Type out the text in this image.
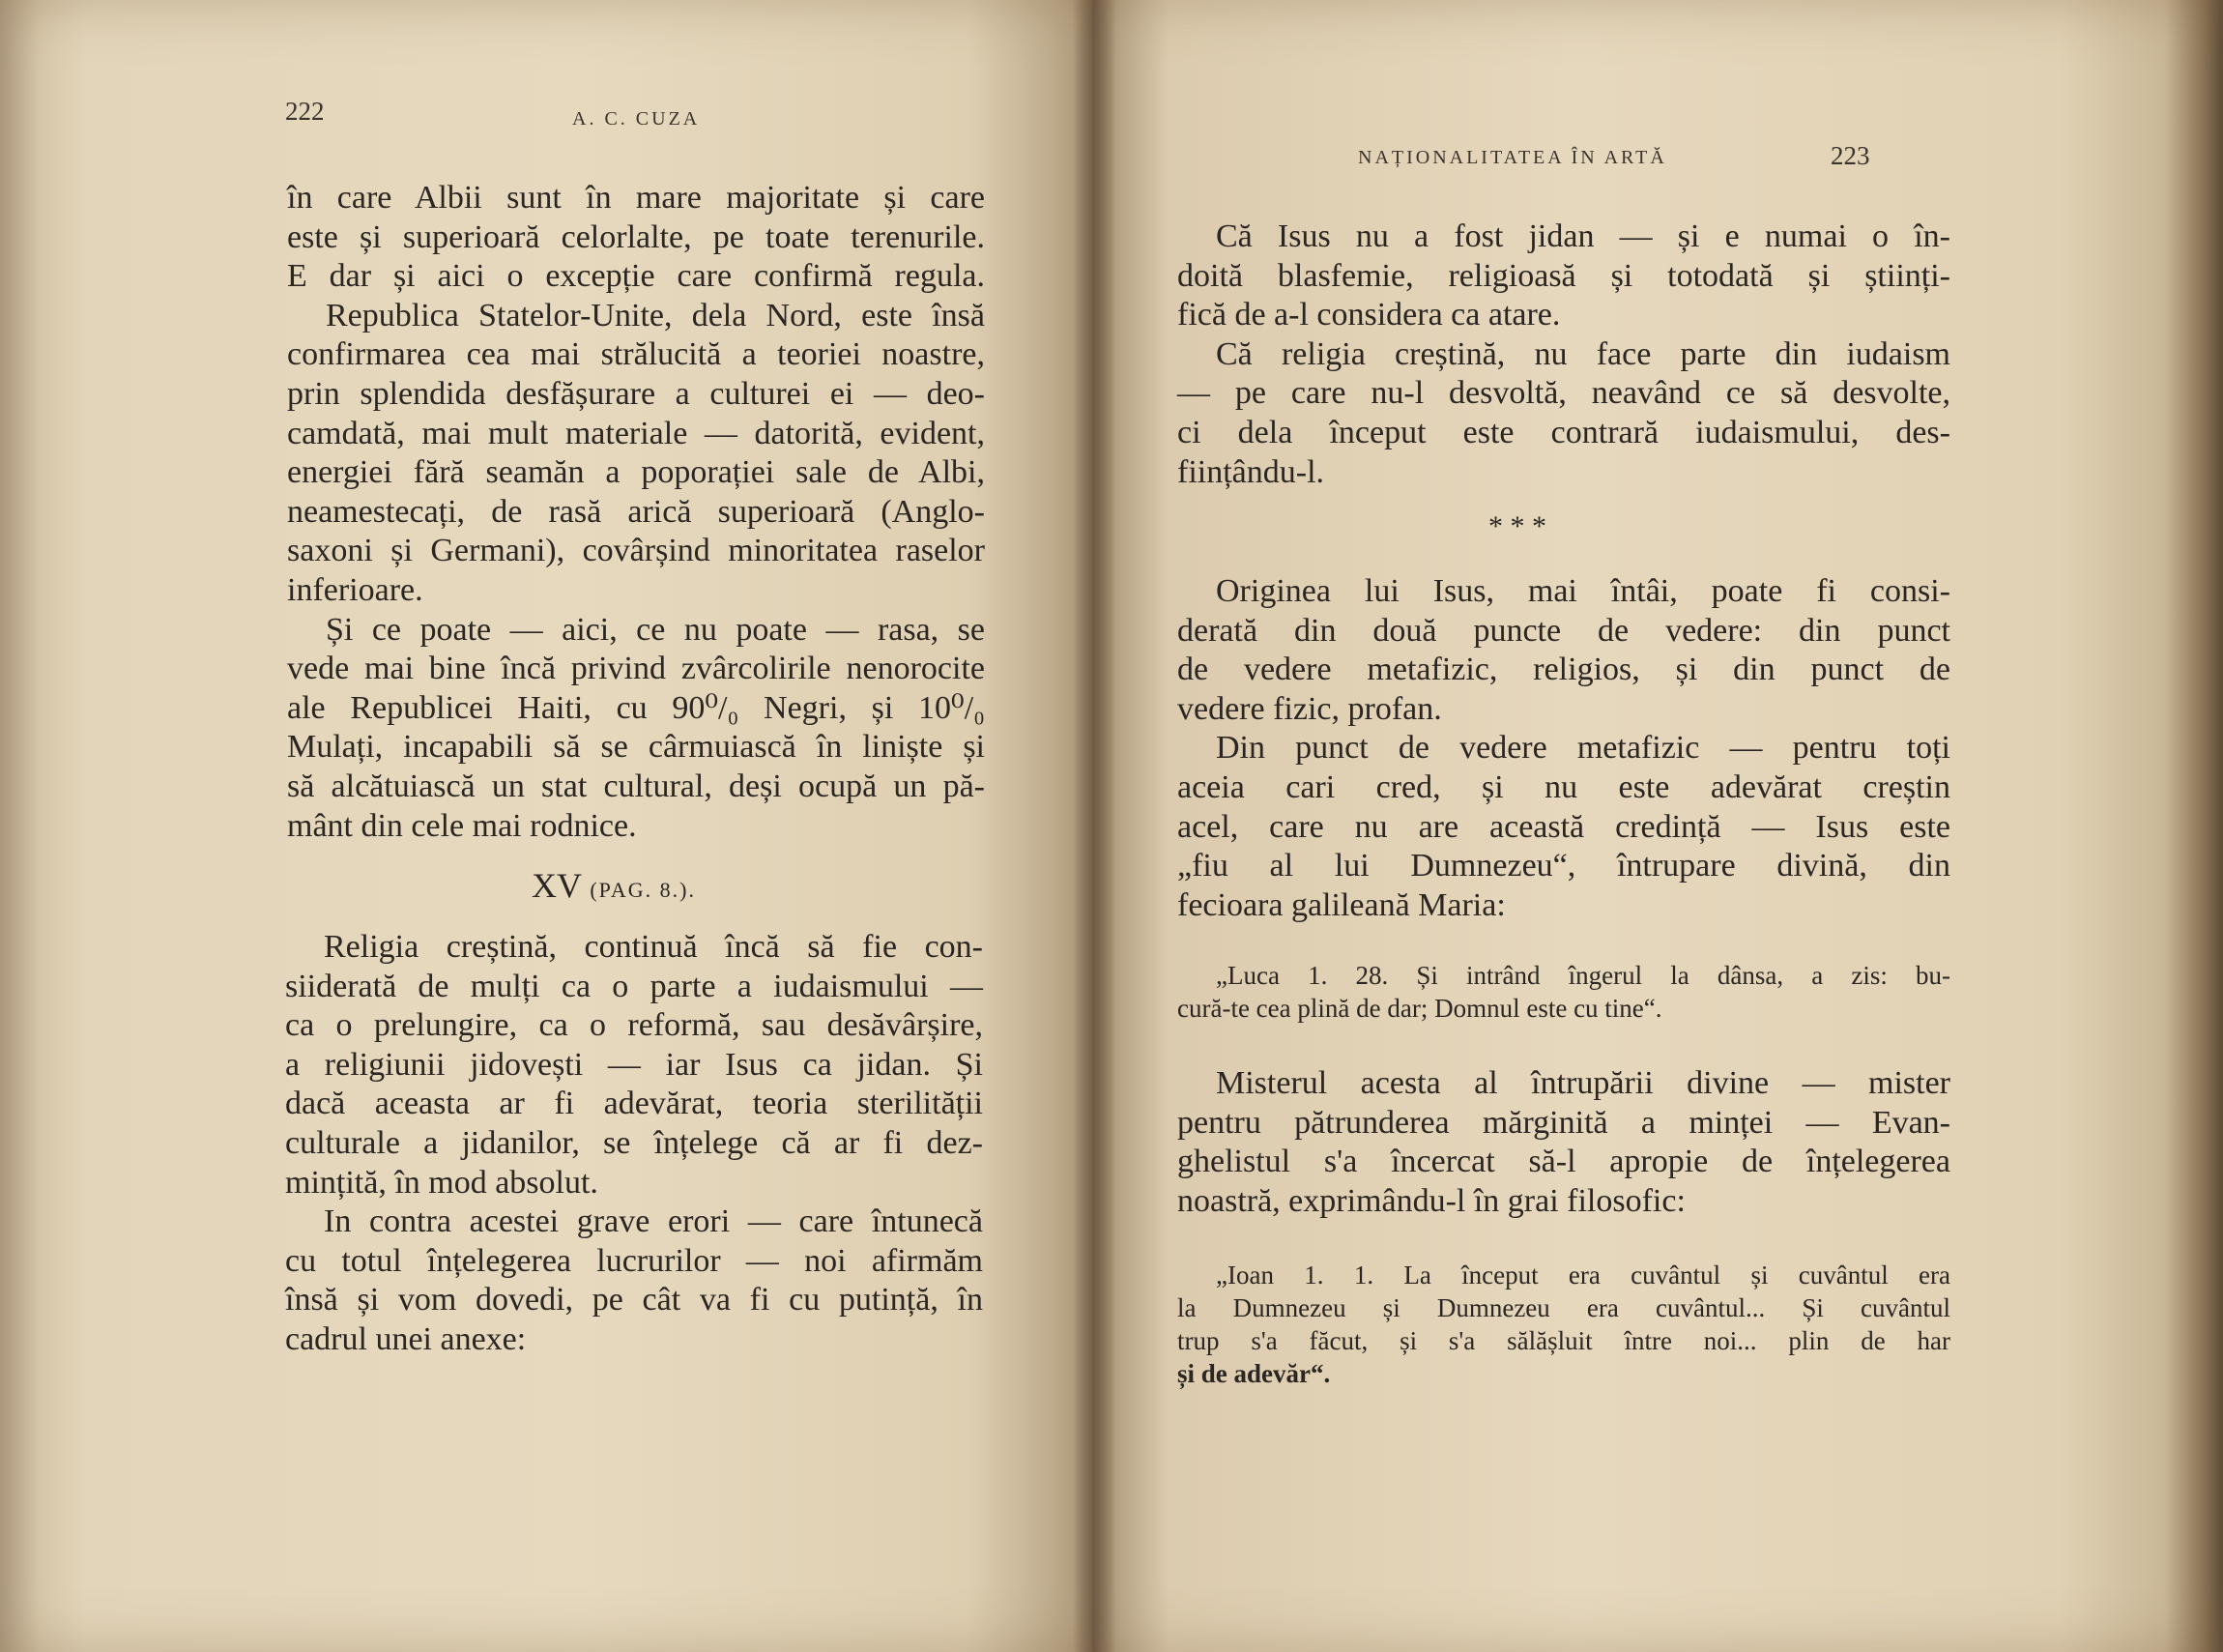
222	A. C. CUZA
în care Albii sunt în mare majoritate și care
este și superioară celorlalte, pe toate terenurile.
E dar și aici o excepție care confirmă regula.
Republica Statelor-Unite, dela Nord, este însă
confirmarea cea mai strălucită a teoriei noastre,
prin splendida desfășurare a culturei ei — deo-
camdată, mai mult materiale — datorită, evident,
energiei fără seamăn a poporației sale de Albi,
neamestecați, de rasă arică superioară (Anglo-
saxoni și Germani), covârșind minoritatea raselor
inferioare.
Și ce poate — aici, ce nu poate — rasa, se
vede mai bine încă privind zvârcolirile nenorocite
ale Republicei Haiti, cu 90⁰/₀ Negri, și 10⁰/₀
Mulați, incapabili să se cârmuiască în liniște și
să alcătuiască un stat cultural, deși ocupă un pă-
mânt din cele mai rodnice.
XV (PAG. 8.).
Religia creștină, continuă încă să fie con-
siiderată de mulți ca o parte a iudaismului —
ca o prelungire, ca o reformă, sau desăvârșire,
a religiunii jidovești — iar Isus ca jidan. Și
dacă aceasta ar fi adevărat, teoria sterilității
culturale a jidanilor, se înțelege că ar fi dez-
mințită, în mod absolut.
In contra acestei grave erori — care întunecă
cu totul înțelegerea lucrurilor — noi afirmăm
însă și vom dovedi, pe cât va fi cu putință, în
cadrul unei anexe:
NAȚIONALITATEA ÎN ARTĂ	223
Că Isus nu a fost jidan — și e numai o în-
doită blasfemie, religioasă și totodată și științi-
fică de a-l considera ca atare.
Că religia creștină, nu face parte din iudaism
— pe care nu-l desvoltă, neavând ce să desvolte,
ci dela început este contrară iudaismului, des-
ființându-l.
* * *
Originea lui Isus, mai întâi, poate fi consi-
derată din două puncte de vedere: din punct
de vedere metafizic, religios, și din punct de
vedere fizic, profan.
Din punct de vedere metafizic — pentru toți
aceia cari cred, și nu este adevărat creștin
acel, care nu are această credință — Isus este
„fiu al lui Dumnezeu“, întrupare divină, din
fecioara galileană Maria:
„Luca 1. 28. Și intrând îngerul la dânsa, a zis: bu-
cură-te cea plină de dar; Domnul este cu tine“.
Misterul acesta al întrupării divine — mister
pentru pătrunderea mărginită a minței — Evan-
ghelistul s'a încercat să-l apropie de înțelegerea
noastră, exprimându-l în grai filosofic:
„Ioan 1. 1. La început era cuvântul și cuvântul era
la Dumnezeu și Dumnezeu era cuvântul... Și cuvântul
trup s'a făcut, și s'a sălășluit între noi... plin de har
și de adevăr“.
